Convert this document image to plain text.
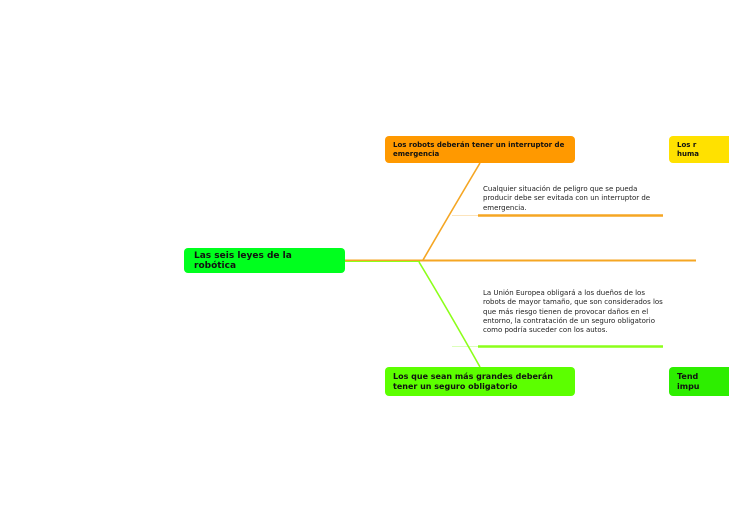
Las seis leyes de la robótica
Los robots deberán tener un interruptor de emergencia
Cualquier situación de peligro que se pueda producir debe ser evitada con un interruptor de emergencia.
La Unión Europea obligará a los dueños de los robots de mayor tamaño, que son considerados los que más riesgo tienen de provocar daños en el entorno, la contratación de un seguro obligatorio como podría suceder con los autos.
Los que sean más grandes deberán tener un seguro obligatorio
Los r huma
Tend impu
